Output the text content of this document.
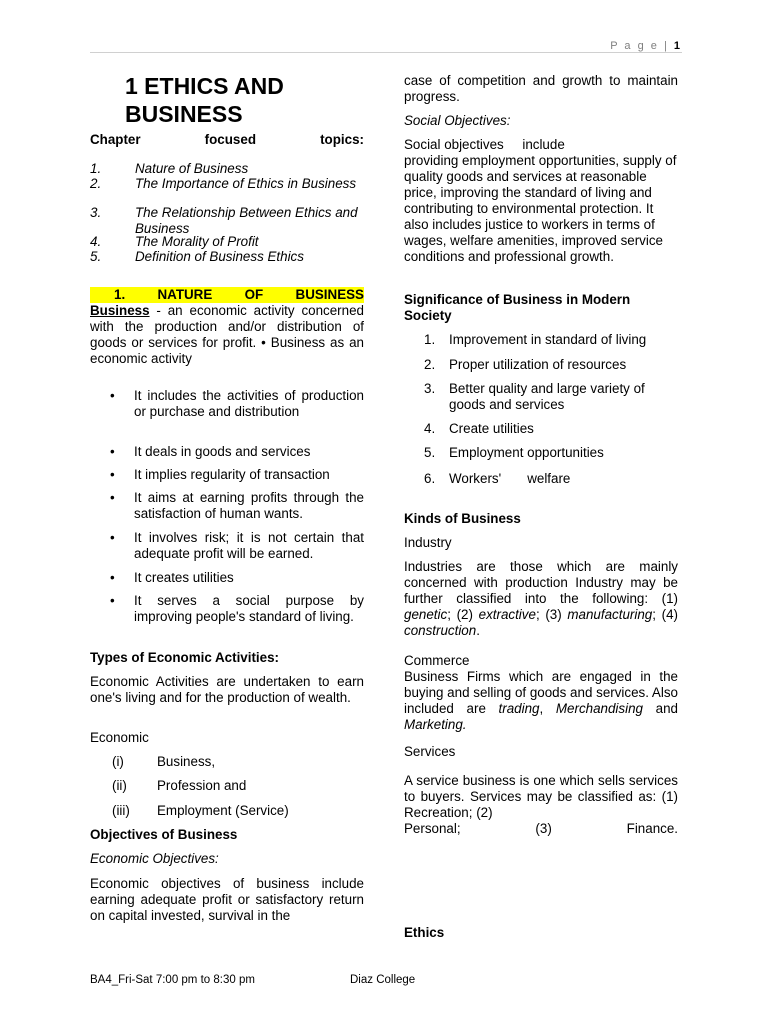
P a g e | 1
1 ETHICS AND BUSINESS
Chapter	focused	topics:
1.	Nature of Business
2.	The Importance of Ethics in Business
3.	The Relationship Between Ethics and Business
4.	The Morality of Profit
5.	Definition of Business Ethics
1. NATURE OF BUSINESS
Business - an economic activity concerned with the production and/or distribution of goods or services for profit. • Business as an economic activity
•	It includes the activities of production or purchase and distribution
•	It deals in goods and services
•	It implies regularity of transaction
•	It aims at earning profits through the satisfaction of human wants.
•	It involves risk; it is not certain that adequate profit will be earned.
•	It creates utilities
•	It serves a social purpose by improving people's standard of living.
Types of Economic Activities:
Economic Activities are undertaken to earn one's living and for the production of wealth.
Economic
(i)	Business,
(ii)	Profession and
(iii)	Employment (Service)
Objectives of Business
Economic Objectives:
Economic objectives of business include earning adequate profit or satisfactory return on capital invested, survival in the
case of competition and growth to maintain progress.
Social Objectives:
Social objectives     include
providing employment opportunities, supply of quality goods and services at reasonable price, improving the standard of living and contributing to environmental protection. It also includes justice to workers in terms of wages, welfare amenities, improved service conditions and professional growth.
Significance of Business in Modern Society
1.	Improvement in standard of living
2.	Proper utilization of resources
3.	Better quality and large variety of goods and services
4.	Create utilities
5.	Employment opportunities
6.	Workers'       welfare
Kinds of Business
Industry
Industries are those which are mainly concerned with production Industry may be further classified into the following: (1) genetic; (2) extractive; (3) manufacturing; (4) construction.
Commerce
Business Firms which are engaged in the buying and selling of goods and services. Also included are trading, Merchandising and Marketing.
Services
A service business is one which sells services to buyers. Services may be classified as: (1) Recreation; (2)
Personal;	(3)	Finance.
Ethics
BA4_Fri-Sat 7:00 pm to 8:30 pm	Diaz College
